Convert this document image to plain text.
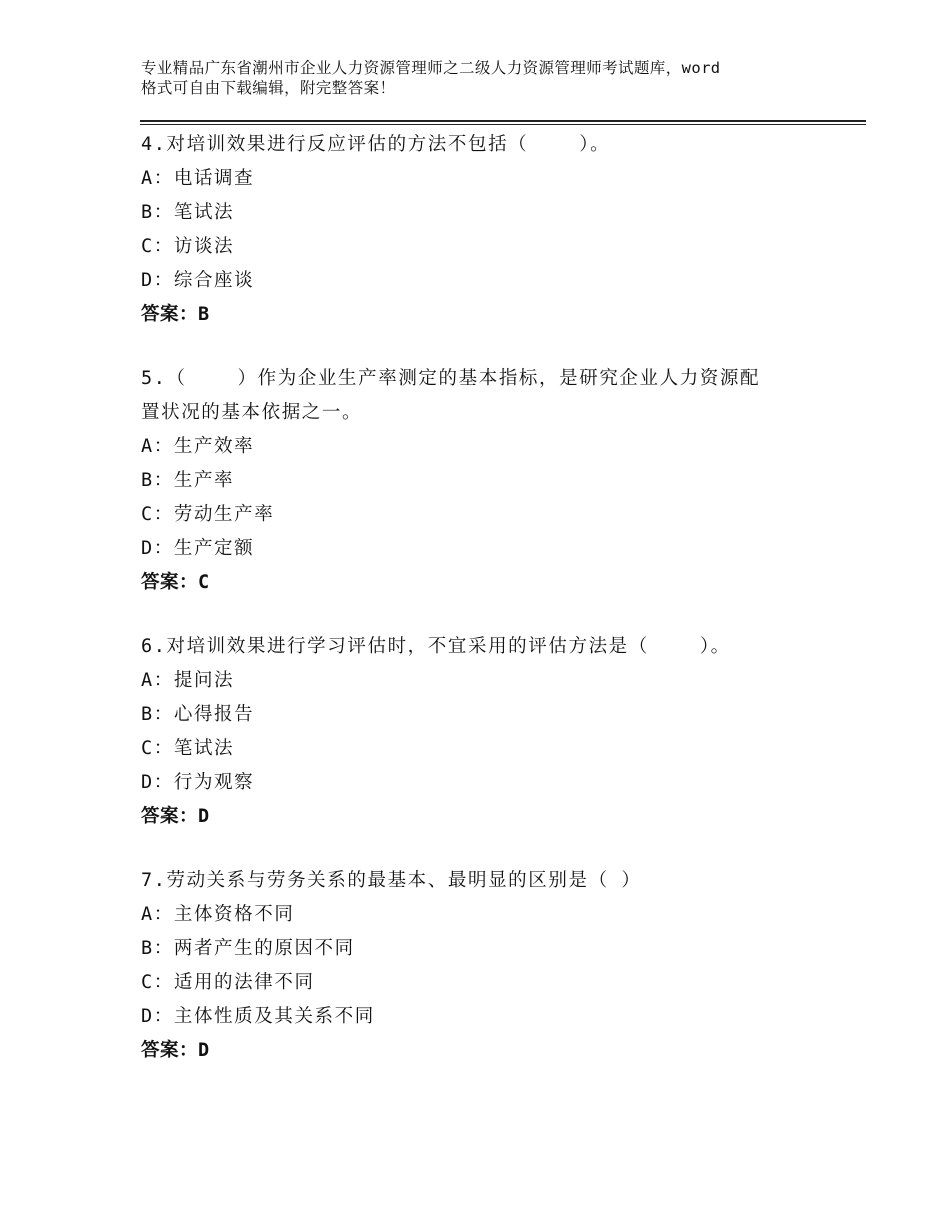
专业精品广东省潮州市企业人力资源管理师之二级人力资源管理师考试题库，word
格式可自由下载编辑，附完整答案！
4.对培训效果进行反应评估的方法不包括（    ）。
A：电话调查
B：笔试法
C：访谈法
D：综合座谈
答案：B
5.（    ）作为企业生产率测定的基本指标，是研究企业人力资源配
置状况的基本依据之一。
A：生产效率
B：生产率
C：劳动生产率
D：生产定额
答案：C
6.对培训效果进行学习评估时，不宜采用的评估方法是（    ）。
A：提问法
B：心得报告
C：笔试法
D：行为观察
答案：D
7.劳动关系与劳务关系的最基本、最明显的区别是（ ）
A：主体资格不同
B：两者产生的原因不同
C：适用的法律不同
D：主体性质及其关系不同
答案：D
